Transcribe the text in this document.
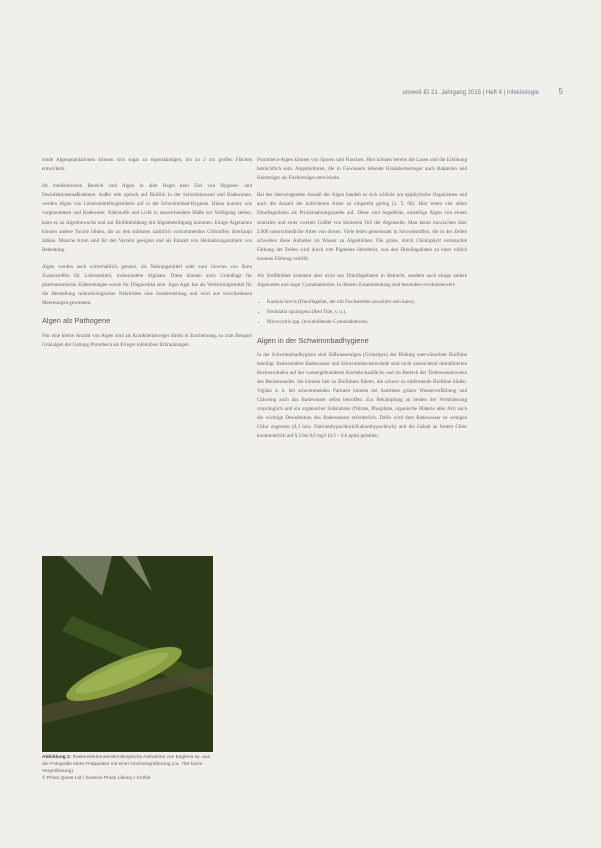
umwelt·ID 21. Jahrgang 2015 | Heft 4 | Infektiologie 5

tende Algenpopulationen können sich sogar zu eigenständigen, bis zu 2 cm großen Flächen entwickeln.

Im medizinischen Bereich sind Algen in aller Regel kein Ziel von Hygiene- und Desinfektionsmaßnahmen. Außer rein optisch auf Biofilm in der Schwimmwand und Badewanne, werden Algen von Lebensmittelhygienikern auf in der Schwimmbad-Hygiene. Hinzu kommt, wie vorgenommen und Badewater, Nährstoffe und Licht in ausreichendem Maße zur Verfügung stehen, kann es zu Algenbewuchs und zur Biofilmbildung mit Algenbeteiligung kommen. Einige Algenarten können andere Toxine bilden, die zu den stärksten natürlich vorkommenden Giftstoffen überhaupt zählen. Manche Arten sind für den Verzehr geeignet und als Einsatz von Heilnahrungsmitteln von Bedeutung.

Algen werden auch wirtschaftlich genutzt, als Nahrungsmittel oder zum Gewinn von ihren Zusatzstoffen für Lebensmittel, insbesondere Alginate. Diese können auch Grundlage für pharmazeutische Zubereitungen sowie für Diagnostika sein. Agar-Agar hat als Verdickungsmittel für die Herstellung mikrobiologischer Nährböden eine Sonderstellung und wird aus verschiedenen Meeresalgen gewonnen.

Algen als Pathogene

Nur eine kleine Anzahl von Algen sind als Krankheitserreger direkt in Erscheinung, so zum Beispiel Grünalgen der Gattung Prototheca als Erreger infektiöser Erkrankungen.

Abbildung 2: Rasterelektronenmikroskopische Aufnahme von Euglena sp. aus der Fotografie eines Präparates mit einer Hochvergrößerung (ca. 750-fache Vergrößerung).
© Photo Quest Ltd / Science Photo Library / Corbis

Prototheca-Algen können von Sporen und Flaschen. Hier können bereits die Lasen und die Erhöhung beträchtlich sein. Algenkulturen, die in Gewässern lebende Krankheitserreger auch Bakterien und Keimträger als Fischerträger entwickeln.

Bei der überwiegenden Anzahl der Algen handelt es sich schlicht um epiphytische Organismen und auch die Anzahl der kultivierten Arten ist eingeteilt gering (z. T. 60). Hier treten viel allem Dinoflagellaten als Primärnahrungsquelle auf. Diese sind begeißelte, einzellige Algen von einem zentralen und einer zweiten Geißel von kleineren Teil der Algenzelle. Man kennt inzwischen über 2.000 unterschiedliche Arten von diesen. Viele leben gemeinsam in Schwebstoffen, die in der Zellen schweben diese Aufseher im Wasser zu Algenblüten. Die grüne, durch Chlorophyll verursachte Färbung der Zellen wird durch rote Pigmente überdeckt, was den Dinoflagellaten zu einer rötlich braunen Färbung verhilft.

Als Stoffbildner kommen aber nicht nur Dinoflagellaten in Betracht, sondern auch einige andere Algenarten und sogar Cyanobakterien. In diesem Zusammenhang sind besonders erwähnenswert:

• Karenia brevis (Dinoflagellat, der mit Fischsterben assoziiert sein kann),
• Nodularia spumigena (Red Tide, s. u.),
• Microcystis spp. (toxinbildende Cyanobakterien).
Algen in der Schwimmbadhygiene

In der Schwimmbadhygiene sind Süßwasseralgen (Grünalgen) der Bildung unerwünschter Biofilme beteiligt. Insbesondere Badewasser und Schwimmbeckenwände sind nicht ausreichend desinfizierten Beckenwänden auf der wassergebundenen Kachelschaufläche und im Bereich der Tiefenwasserzonen des Beckenrandes. Sie können hier zu Biofilmen führen, die schwer zu entfernende Biofilme bilden. Vigilan d. h. bei schwimmenden Partnern können bei Austreten grüner Wasserverfärbung und Chlorung auch das Badewasser selbst betroffen. Zur Bekämpfung an beiden der Verhinderung ursprünglich und ein organischer Substanzen (Nitrate, Phosphate, organische Materie aller Art) nach die wichtige Desinfektion des Badewassers erforderlich. Dafür wird dem Badewasser so wenigen Chlor zugesetzt (0,3 bzw. Natriumhypochlorit/Kaliumhypochlorit) und die Gehalt an freiem Chlor kontinuierlich auf 0,3 bis 0,6 mg/l (0,3 – 0,6 ppm) gehalten.
